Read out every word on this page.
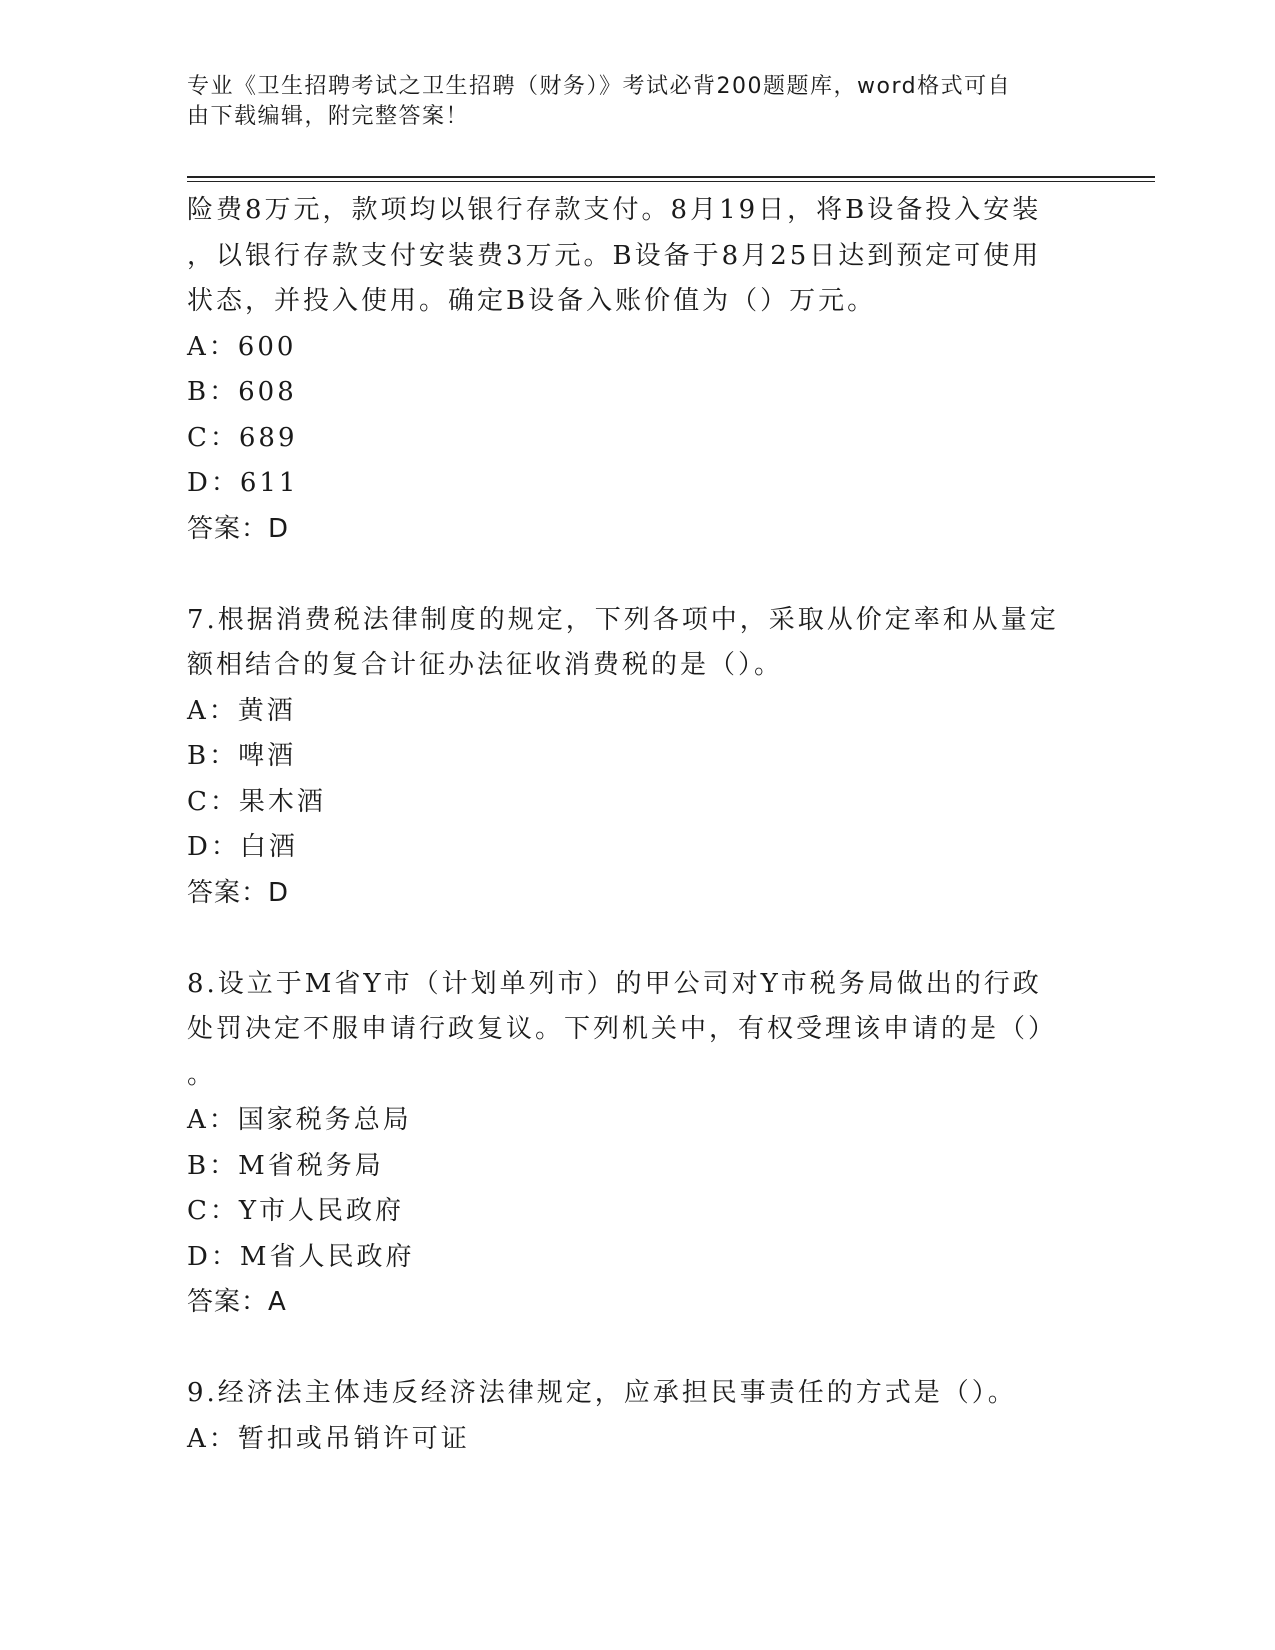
专业《卫生招聘考试之卫生招聘（财务）》考试必背200题题库，word格式可自
由下载编辑，附完整答案！
险费8万元，款项均以银行存款支付。8月19日，将B设备投入安装
，以银行存款支付安装费3万元。B设备于8月25日达到预定可使用
状态，并投入使用。确定B设备入账价值为（）万元。
A：600
B：608
C：689
D：611
答案：D
7.根据消费税法律制度的规定，下列各项中，采取从价定率和从量定
额相结合的复合计征办法征收消费税的是（）。
A：黄酒
B：啤酒
C：果木酒
D：白酒
答案：D
8.设立于M省Y市（计划单列市）的甲公司对Y市税务局做出的行政
处罚决定不服申请行政复议。下列机关中，有权受理该申请的是（）
。
A：国家税务总局
B：M省税务局
C：Y市人民政府
D：M省人民政府
答案：A
9.经济法主体违反经济法律规定，应承担民事责任的方式是（）。
A：暂扣或吊销许可证
